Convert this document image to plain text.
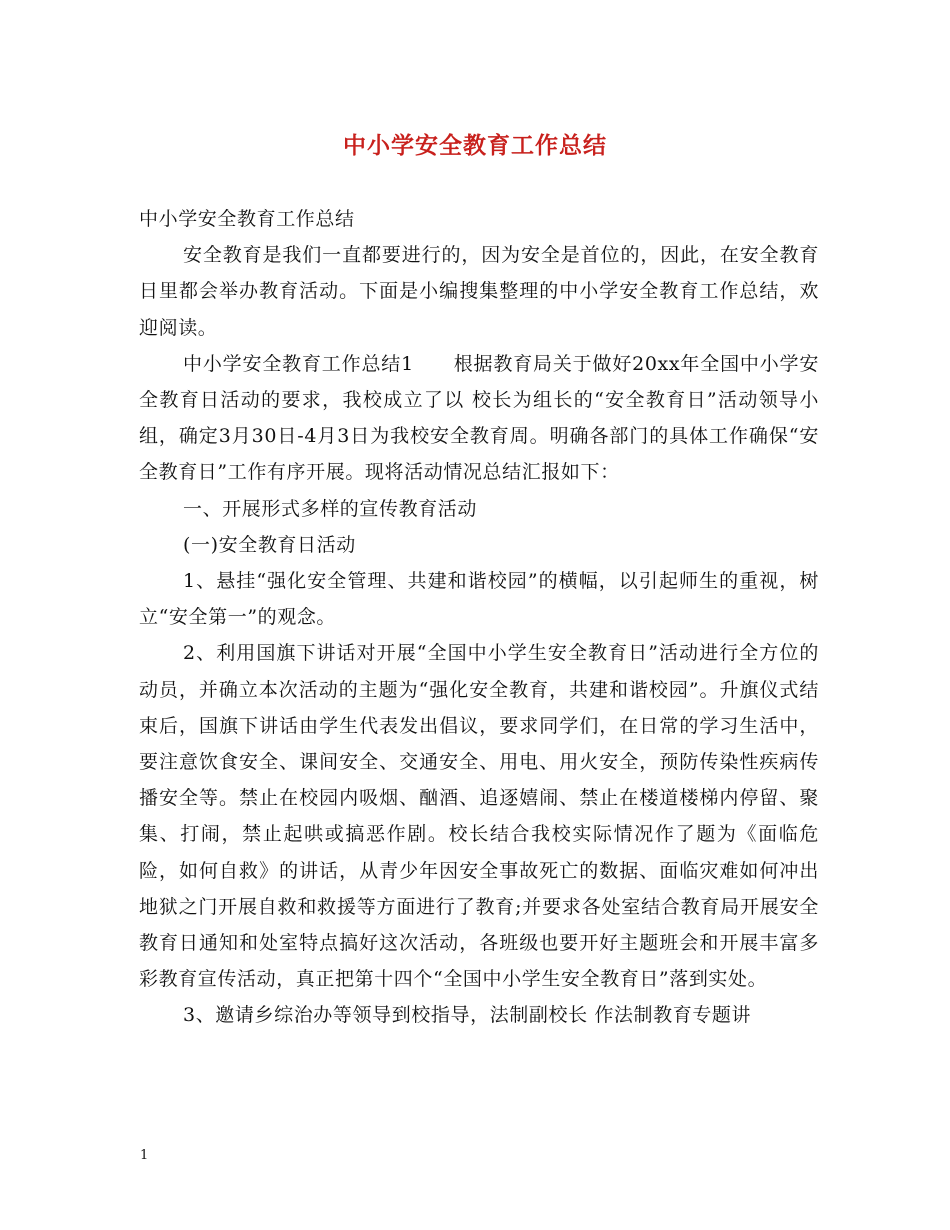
中小学安全教育工作总结

中小学安全教育工作总结

安全教育是我们一直都要进行的，因为安全是首位的，因此，在安全教育日里都会举办教育活动。下面是小编搜集整理的中小学安全教育工作总结，欢迎阅读。

中小学安全教育工作总结1　　根据教育局关于做好20xx年全国中小学安全教育日活动的要求，我校成立了以 校长为组长的“安全教育日”活动领导小组，确定3月30日-4月3日为我校安全教育周。明确各部门的具体工作确保“安全教育日”工作有序开展。现将活动情况总结汇报如下：

一、开展形式多样的宣传教育活动

(一)安全教育日活动

1、悬挂“强化安全管理、共建和谐校园”的横幅，以引起师生的重视，树立“安全第一”的观念。

2、利用国旗下讲话对开展“全国中小学生安全教育日”活动进行全方位的动员，并确立本次活动的主题为“强化安全教育，共建和谐校园”。升旗仪式结束后，国旗下讲话由学生代表发出倡议，要求同学们，在日常的学习生活中，要注意饮食安全、课间安全、交通安全、用电、用火安全，预防传染性疾病传播安全等。禁止在校园内吸烟、酗酒、追逐嬉闹、禁止在楼道楼梯内停留、聚集、打闹，禁止起哄或搞恶作剧。校长结合我校实际情况作了题为《面临危险，如何自救》的讲话，从青少年因安全事故死亡的数据、面临灾难如何冲出地狱之门开展自救和救援等方面进行了教育;并要求各处室结合教育局开展安全教育日通知和处室特点搞好这次活动，各班级也要开好主题班会和开展丰富多彩教育宣传活动，真正把第十四个“全国中小学生安全教育日”落到实处。

3、邀请乡综治办等领导到校指导，法制副校长 作法制教育专题讲

1
